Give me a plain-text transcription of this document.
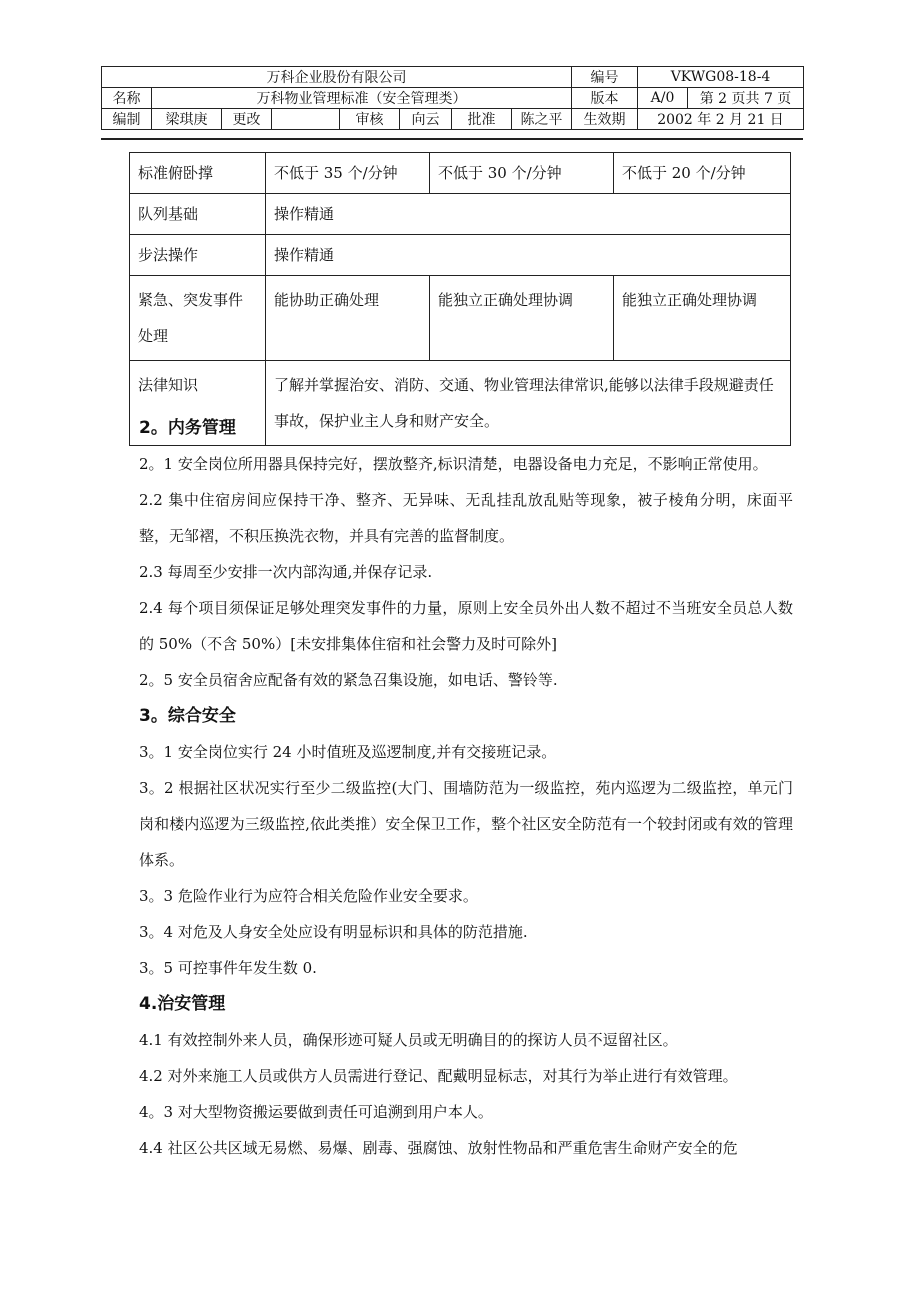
万科企业股份有限公司								编号	VKWG08-18-4	
名称	万科物业管理标准（安全管理类）							版本	A/0	第 2 页共 7 页
编制	梁琪庚	更改		审核	向云	批准	陈之平	生效期	2002 年 2 月 21 日	
标准俯卧撑	不低于 35 个/分钟	不低于 30 个/分钟	不低于 20 个/分钟
队列基础	操作精通		
步法操作	操作精通		
紧急、突发事件处理	能协助正确处理	能独立正确处理协调	能独立正确处理协调
法律知识	了解并掌握治安、消防、交通、物业管理法律常识,能够以法律手段规避责任事故，保护业主人身和财产安全。		
2。内务管理

2。1 安全岗位所用器具保持完好，摆放整齐,标识清楚，电器设备电力充足，不影响正常使用。

2.2 集中住宿房间应保持干净、整齐、无异味、无乱挂乱放乱贴等现象，被子棱角分明，床面平整，无邹褶，不积压换洗衣物，并具有完善的监督制度。

2.3 每周至少安排一次内部沟通,并保存记录.

2.4 每个项目须保证足够处理突发事件的力量，原则上安全员外出人数不超过不当班安全员总人数的 50%（不含 50%）[未安排集体住宿和社会警力及时可除外]

2。5 安全员宿舍应配备有效的紧急召集设施，如电话、警铃等.

3。综合安全

3。1 安全岗位实行 24 小时值班及巡逻制度,并有交接班记录。

3。2 根据社区状况实行至少二级监控(大门、围墙防范为一级监控，苑内巡逻为二级监控，单元门岗和楼内巡逻为三级监控,依此类推）安全保卫工作，整个社区安全防范有一个较封闭或有效的管理体系。

3。3 危险作业行为应符合相关危险作业安全要求。

3。4 对危及人身安全处应设有明显标识和具体的防范措施.

3。5 可控事件年发生数 0.

4.治安管理

4.1 有效控制外来人员，确保形迹可疑人员或无明确目的的探访人员不逗留社区。

4.2 对外来施工人员或供方人员需进行登记、配戴明显标志，对其行为举止进行有效管理。

4。3 对大型物资搬运要做到责任可追溯到用户本人。

4.4 社区公共区域无易燃、易爆、剧毒、强腐蚀、放射性物品和严重危害生命财产安全的危
